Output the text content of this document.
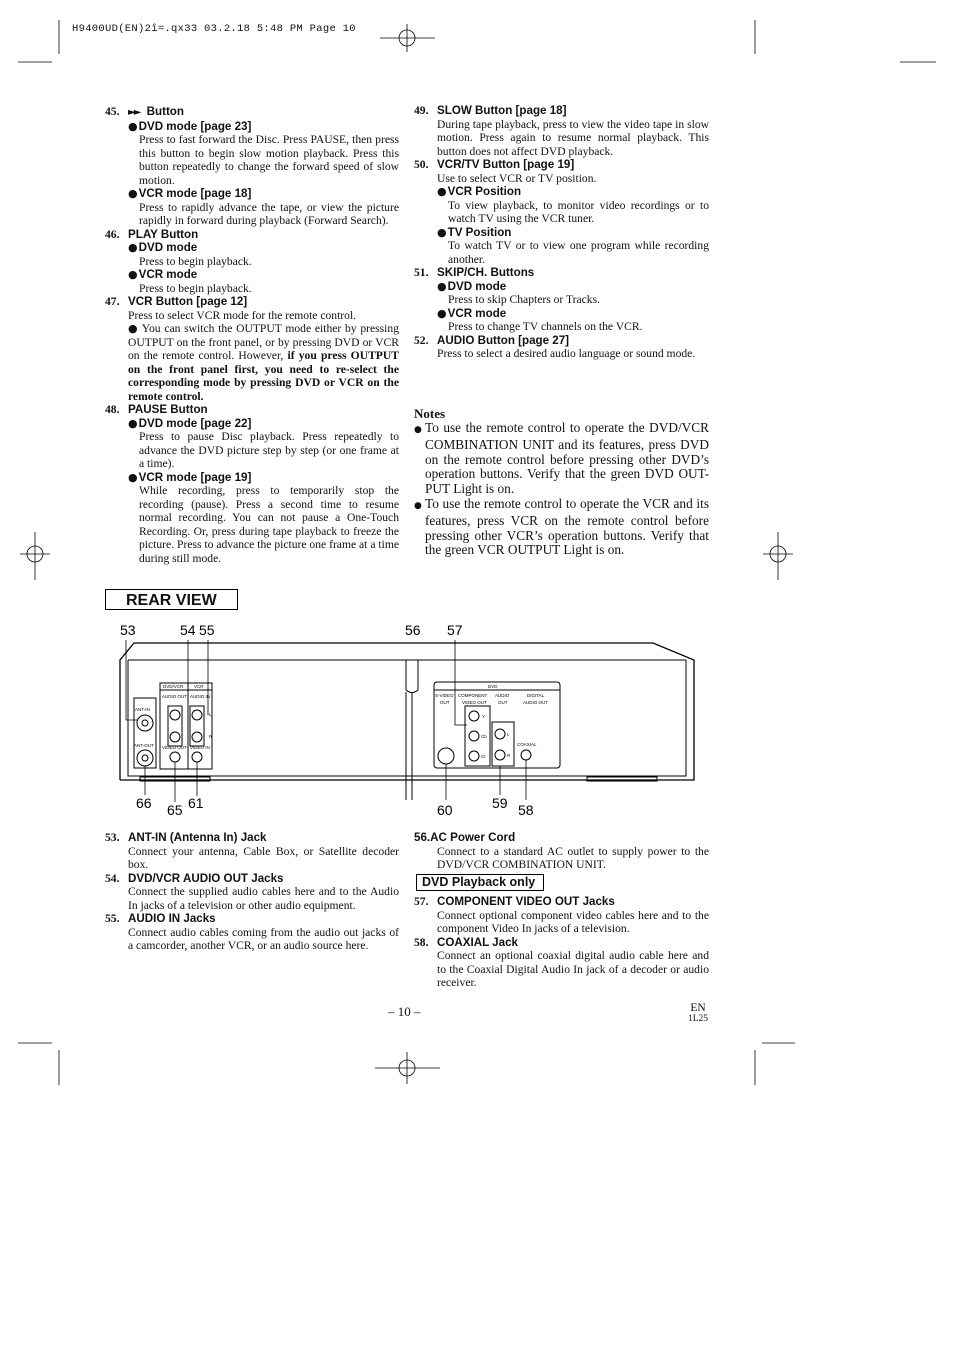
H9400UD(EN)2î=.qx33 03.2.18 5:48 PM Page 10
45. ►► Button
●DVD mode [page 23]
Press to fast forward the Disc. Press PAUSE, then press this button to begin slow motion playback. Press this button repeatedly to change the forward speed of slow motion.
●VCR mode [page 18]
Press to rapidly advance the tape, or view the picture rapidly in forward during playback (Forward Search).
46. PLAY Button
●DVD mode
Press to begin playback.
●VCR mode
Press to begin playback.
47. VCR Button [page 12]
Press to select VCR mode for the remote control.
● You can switch the OUTPUT mode either by pressing OUTPUT on the front panel, or by pressing DVD or VCR on the remote control. However, if you press OUTPUT on the front panel first, you need to re-select the corresponding mode by pressing DVD or VCR on the remote control.
48. PAUSE Button
●DVD mode [page 22]
Press to pause Disc playback. Press repeatedly to advance the DVD picture step by step (or one frame at a time).
●VCR mode [page 19]
While recording, press to temporarily stop the recording (pause). Press a second time to resume normal recording. You can not pause a One-Touch Recording. Or, press during tape playback to freeze the picture. Press to advance the picture one frame at a time during still mode.
49. SLOW Button [page 18]
During tape playback, press to view the video tape in slow motion. Press again to resume normal playback. This button does not affect DVD playback.
50. VCR/TV Button [page 19]
Use to select VCR or TV position.
●VCR Position
To view playback, to monitor video recordings or to watch TV using the VCR tuner.
●TV Position
To watch TV or to view one program while recording another.
51. SKIP/CH. Buttons
●DVD mode
Press to skip Chapters or Tracks.
●VCR mode
Press to change TV channels on the VCR.
52. AUDIO Button [page 27]
Press to select a desired audio language or sound mode.
Notes
● To use the remote control to operate the DVD/VCR COMBINATION UNIT and its features, press DVD on the remote control before pressing other DVD’s operation buttons. Verify that the green DVD OUT-PUT Light is on.
● To use the remote control to operate the VCR and its features, press VCR on the remote control before pressing other VCR’s operation buttons. Verify that the green VCR OUTPUT Light is on.
REAR VIEW
DVD/VCR VCR
AUDIO OUT AUDIO IN
L
R
ANT-IN
ANT-OUT VIDEO OUT VIDEO IN
DVD
S-VIDEO
OUT
COMPONENT
VIDEO OUT
AUDIO
OUT
DIGITAL
AUDIO OUT
Y
Cb
Cr
L
R
COAXIAL
53	54 55	56 57
66 65 61	60	59 58
53. ANT-IN (Antenna In) Jack
Connect your antenna, Cable Box, or Satellite decoder box.
54. DVD/VCR AUDIO OUT Jacks
Connect the supplied audio cables here and to the Audio In jacks of a television or other audio equipment.
55. AUDIO IN Jacks
Connect audio cables coming from the audio out jacks of a camcorder, another VCR, or an audio source here.
56.AC Power Cord
Connect to a standard AC outlet to supply power to the DVD/VCR COMBINATION UNIT.
DVD Playback only
57. COMPONENT VIDEO OUT Jacks
Connect optional component video cables here and to the component Video In jacks of a television.
58. COAXIAL Jack
Connect an optional coaxial digital audio cable here and to the Coaxial Digital Audio In jack of a decoder or audio receiver.
– 10 –	EN
1L25
